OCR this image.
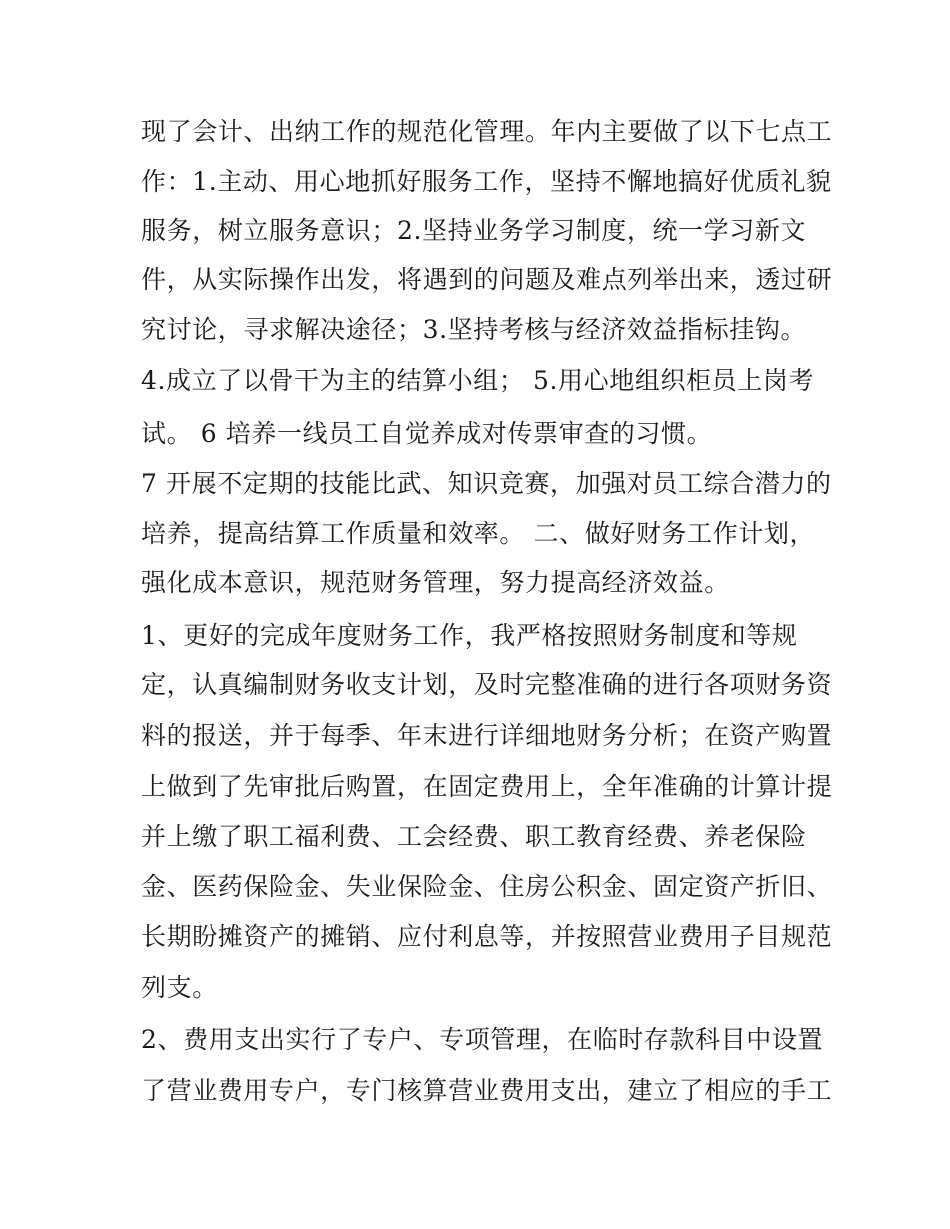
现了会计、出纳工作的规范化管理。年内主要做了以下七点工
作：1.主动、用心地抓好服务工作，坚持不懈地搞好优质礼貌
服务，树立服务意识；2.坚持业务学习制度，统一学习新文
件，从实际操作出发，将遇到的问题及难点列举出来，透过研
究讨论，寻求解决途径；3.坚持考核与经济效益指标挂钩。
4.成立了以骨干为主的结算小组； 5.用心地组织柜员上岗考
试。 6 培养一线员工自觉养成对传票审查的习惯。
7 开展不定期的技能比武、知识竞赛，加强对员工综合潜力的
培养，提高结算工作质量和效率。 二、做好财务工作计划，
强化成本意识，规范财务管理，努力提高经济效益。
1、更好的完成年度财务工作，我严格按照财务制度和等规
定，认真编制财务收支计划，及时完整准确的进行各项财务资
料的报送，并于每季、年末进行详细地财务分析；在资产购置
上做到了先审批后购置，在固定费用上，全年准确的计算计提
并上缴了职工福利费、工会经费、职工教育经费、养老保险
金、医药保险金、失业保险金、住房公积金、固定资产折旧、
长期盼摊资产的摊销、应付利息等，并按照营业费用子目规范
列支。
2、费用支出实行了专户、专项管理，在临时存款科目中设置
了营业费用专户，专门核算营业费用支出，建立了相应的手工
